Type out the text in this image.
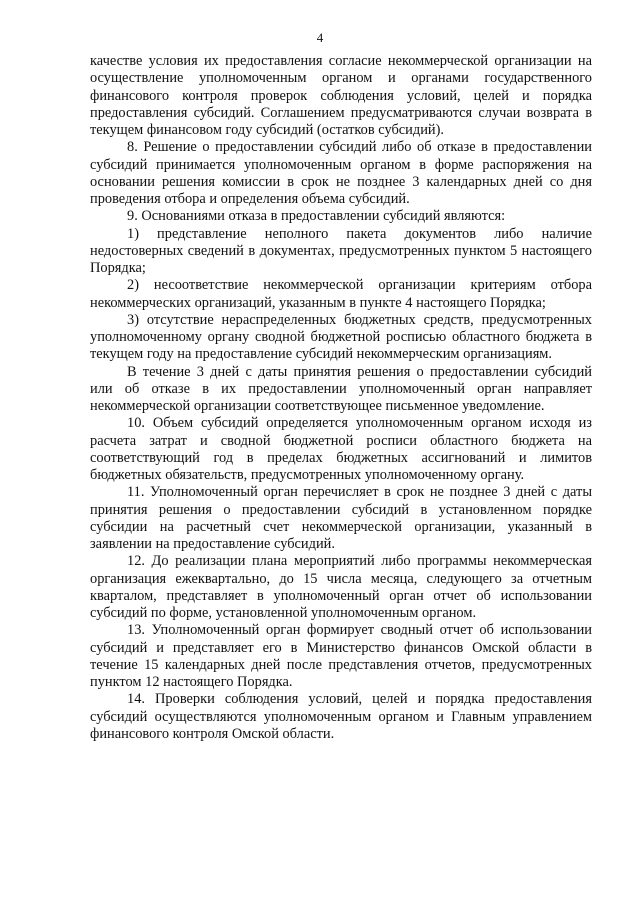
4

качестве условия их предоставления согласие некоммерческой организации на осуществление уполномоченным органом и органами государственного финансового контроля проверок соблюдения условий, целей и порядка предоставления субсидий. Соглашением предусматриваются случаи возврата в текущем финансовом году субсидий (остатков субсидий).

8. Решение о предоставлении субсидий либо об отказе в предоставлении субсидий принимается уполномоченным органом в форме распоряжения на основании решения комиссии в срок не позднее 3 календарных дней со дня проведения отбора и определения объема субсидий.

9. Основаниями отказа в предоставлении субсидий являются:

1) представление неполного пакета документов либо наличие недостоверных сведений в документах, предусмотренных пунктом 5 настоящего Порядка;

2) несоответствие некоммерческой организации критериям отбора некоммерческих организаций, указанным в пункте 4 настоящего Порядка;

3) отсутствие нераспределенных бюджетных средств, предусмотренных уполномоченному органу сводной бюджетной росписью областного бюджета в текущем году на предоставление субсидий некоммерческим организациям.

В течение 3 дней с даты принятия решения о предоставлении субсидий или об отказе в их предоставлении уполномоченный орган направляет некоммерческой организации соответствующее письменное уведомление.

10. Объем субсидий определяется уполномоченным органом исходя из расчета затрат и сводной бюджетной росписи областного бюджета на соответствующий год в пределах бюджетных ассигнований и лимитов бюджетных обязательств, предусмотренных уполномоченному органу.

11. Уполномоченный орган перечисляет в срок не позднее 3 дней с даты принятия решения о предоставлении субсидий в установленном порядке субсидии на расчетный счет некоммерческой организации, указанный в заявлении на предоставление субсидий.

12. До реализации плана мероприятий либо программы некоммерческая организация ежеквартально, до 15 числа месяца, следующего за отчетным кварталом, представляет в уполномоченный орган отчет об использовании субсидий по форме, установленной уполномоченным органом.

13. Уполномоченный орган формирует сводный отчет об использовании субсидий и представляет его в Министерство финансов Омской области в течение 15 календарных дней после представления отчетов, предусмотренных пунктом 12 настоящего Порядка.

14. Проверки соблюдения условий, целей и порядка предоставления субсидий осуществляются уполномоченным органом и Главным управлением финансового контроля Омской области.
